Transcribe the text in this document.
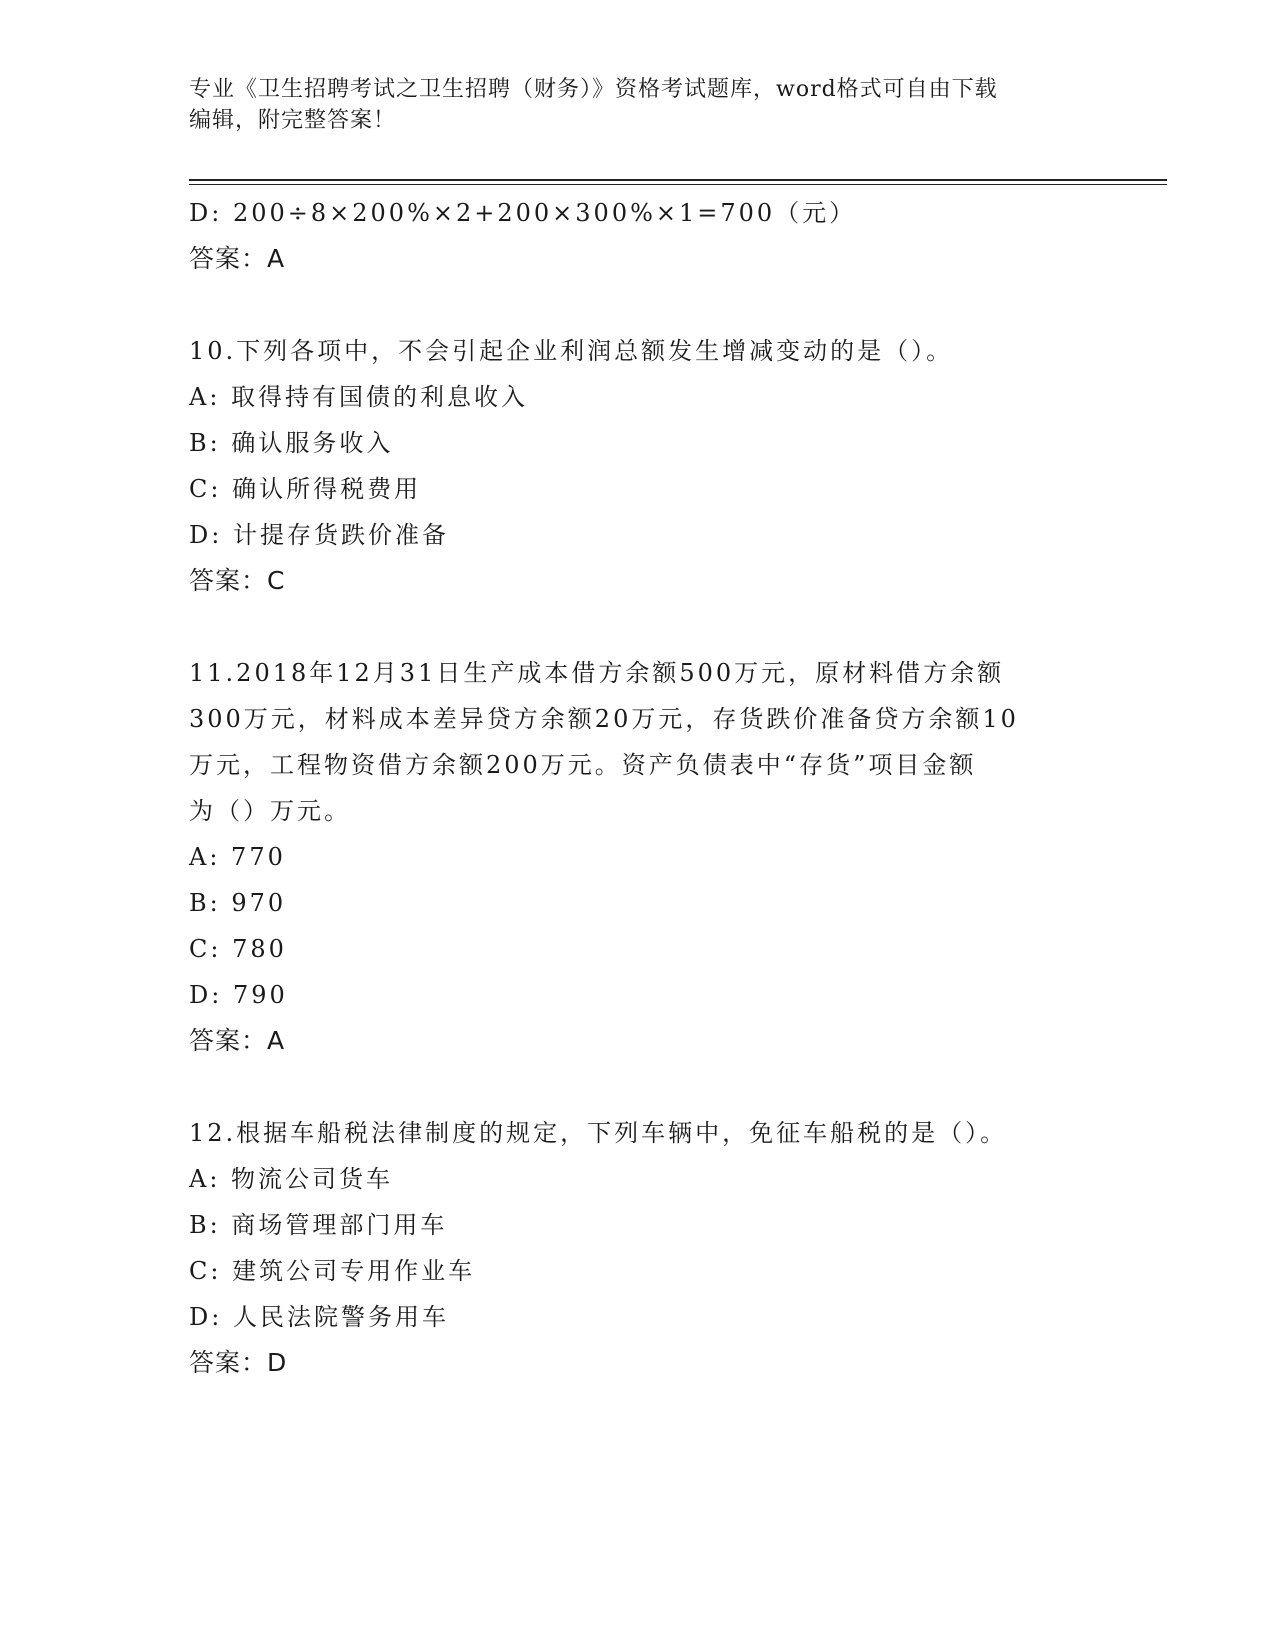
专业《卫生招聘考试之卫生招聘（财务）》资格考试题库，word格式可自由下载
编辑，附完整答案！
D: 200÷8×200%×2+200×300%×1=700（元）
答案：A
10.下列各项中，不会引起企业利润总额发生增减变动的是（）。
A: 取得持有国债的利息收入
B: 确认服务收入
C: 确认所得税费用
D: 计提存货跌价准备
答案：C
11.2018年12月31日生产成本借方余额500万元，原材料借方余额
300万元，材料成本差异贷方余额20万元，存货跌价准备贷方余额10
万元，工程物资借方余额200万元。资产负债表中“存货”项目金额
为（）万元。
A: 770
B: 970
C: 780
D: 790
答案：A
12.根据车船税法律制度的规定，下列车辆中，免征车船税的是（）。
A: 物流公司货车
B: 商场管理部门用车
C: 建筑公司专用作业车
D: 人民法院警务用车
答案：D
